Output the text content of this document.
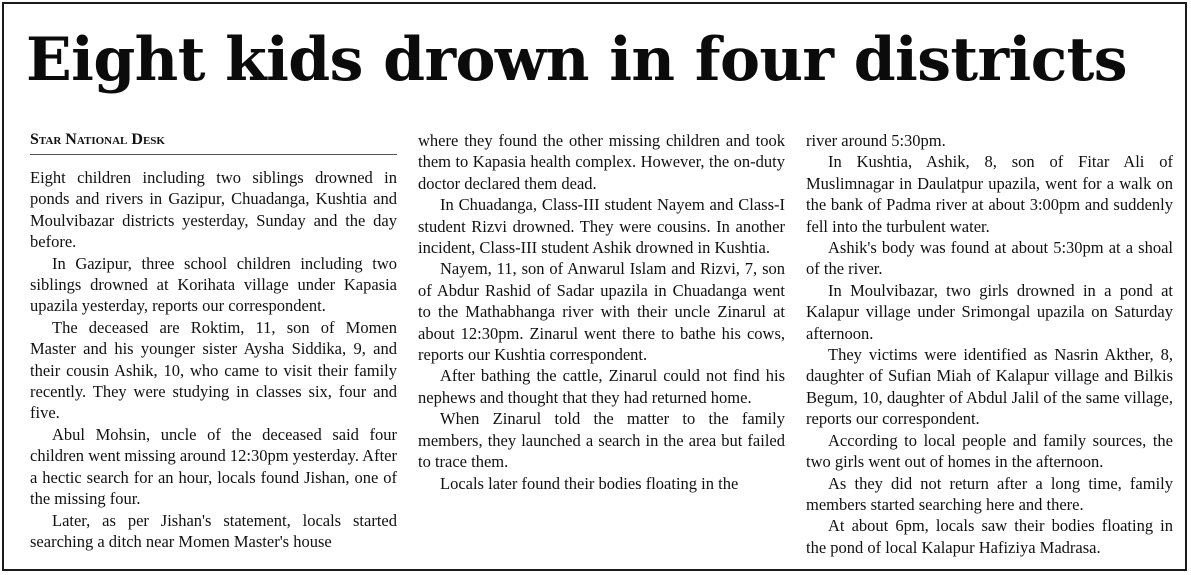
Eight kids drown in four districts
Star National Desk

Eight children including two siblings drowned in ponds and rivers in Gazipur, Chuadanga, Kushtia and Moulvibazar districts yesterday, Sunday and the day before.

In Gazipur, three school children including two siblings drowned at Korihata village under Kapasia upazila yesterday, reports our correspondent.

The deceased are Roktim, 11, son of Momen Master and his younger sister Aysha Siddika, 9, and their cousin Ashik, 10, who came to visit their family recently. They were studying in classes six, four and five.

Abul Mohsin, uncle of the deceased said four children went missing around 12:30pm yesterday. After a hectic search for an hour, locals found Jishan, one of the missing four.

Later, as per Jishan's statement, locals started searching a ditch near Momen Master's house

where they found the other missing children and took them to Kapasia health complex. However, the on-duty doctor declared them dead.

In Chuadanga, Class-III student Nayem and Class-I student Rizvi drowned. They were cousins. In another incident, Class-III student Ashik drowned in Kushtia.

Nayem, 11, son of Anwarul Islam and Rizvi, 7, son of Abdur Rashid of Sadar upazila in Chuadanga went to the Mathabhanga river with their uncle Zinarul at about 12:30pm. Zinarul went there to bathe his cows, reports our Kushtia correspondent.

After bathing the cattle, Zinarul could not find his nephews and thought that they had returned home.

When Zinarul told the matter to the family members, they launched a search in the area but failed to trace them.

Locals later found their bodies floating in the

river around 5:30pm.

In Kushtia, Ashik, 8, son of Fitar Ali of Muslimnagar in Daulatpur upazila, went for a walk on the bank of Padma river at about 3:00pm and suddenly fell into the turbulent water.

Ashik's body was found at about 5:30pm at a shoal of the river.

In Moulvibazar, two girls drowned in a pond at Kalapur village under Srimongal upazila on Saturday afternoon.

They victims were identified as Nasrin Akther, 8, daughter of Sufian Miah of Kalapur village and Bilkis Begum, 10, daughter of Abdul Jalil of the same village, reports our correspondent.

According to local people and family sources, the two girls went out of homes in the afternoon.

As they did not return after a long time, family members started searching here and there.

At about 6pm, locals saw their bodies floating in the pond of local Kalapur Hafiziya Madrasa.
